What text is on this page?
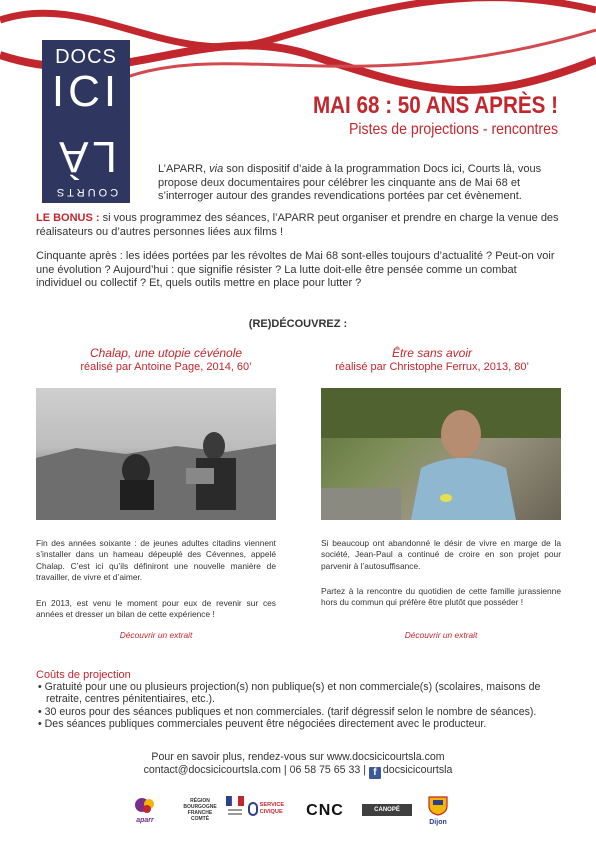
DOCS
ICI
COURTS
LÀ
MAI 68 : 50 ANS APRÈS !
Pistes de projections - rencontres

L’APARR, via son dispositif d’aide à la programmation Docs ici, Courts là, vous propose deux documentaires pour célébrer les cinquante ans de Mai 68 et s’interroger autour des grandes revendications portées par cet évènement.

LE BONUS : si vous programmez des séances, l’APARR peut organiser et prendre en charge la venue des réalisateurs ou d’autres personnes liées aux films !

Cinquante après : les idées portées par les révoltes de Mai 68 sont-elles toujours d’actualité ? Peut-on voir une évolution ? Aujourd’hui : que signifie résister ? La lutte doit-elle être pensée comme un combat individuel ou collectif ? Et, quels outils mettre en place pour lutter ?

(RE)DÉCOUVREZ :
Chalap, une utopie cévénole
réalisé par Antoine Page, 2014, 60’

Fin des années soixante : de jeunes adultes citadins viennent s’installer dans un hameau dépeuplé des Cévennes, appelé Chalap. C’est ici qu’ils définiront une nouvelle manière de travailler, de vivre et d’aimer.

En 2013, est venu le moment pour eux de revenir sur ces années et dresser un bilan de cette expérience !

Découvrir un extrait
Être sans avoir
réalisé par Christophe Ferrux, 2013, 80’

Si beaucoup ont abandonné le désir de vivre en marge de la société, Jean-Paul a continué de croire en son projet pour parvenir à l’autosuffisance.

Partez à la rencontre du quotidien de cette famille jurassienne hors du commun qui préfère être plutôt que posséder !

Découvrir un extrait
Coûts de projection
• Gratuité pour une ou plusieurs projection(s) non publique(s) et non commerciale(s) (scolaires, maisons de retraite, centres pénitentiaires, etc.).
• 30 euros pour des séances publiques et non commerciales. (tarif dégressif selon le nombre de séances).
• Des séances publiques commerciales peuvent être négociées directement avec le producteur.
Pour en savoir plus, rendez-vous sur www.docsicicourtsla.com
contact@docsicicourtsla.com | 06 58 75 65 33 | f docsicicourtsla
aparr
RÉGION BOURGOGNE FRANCHE COMTÉ
SERVICE CIVIQUE	CNC	CANOPÉ
Dijon
